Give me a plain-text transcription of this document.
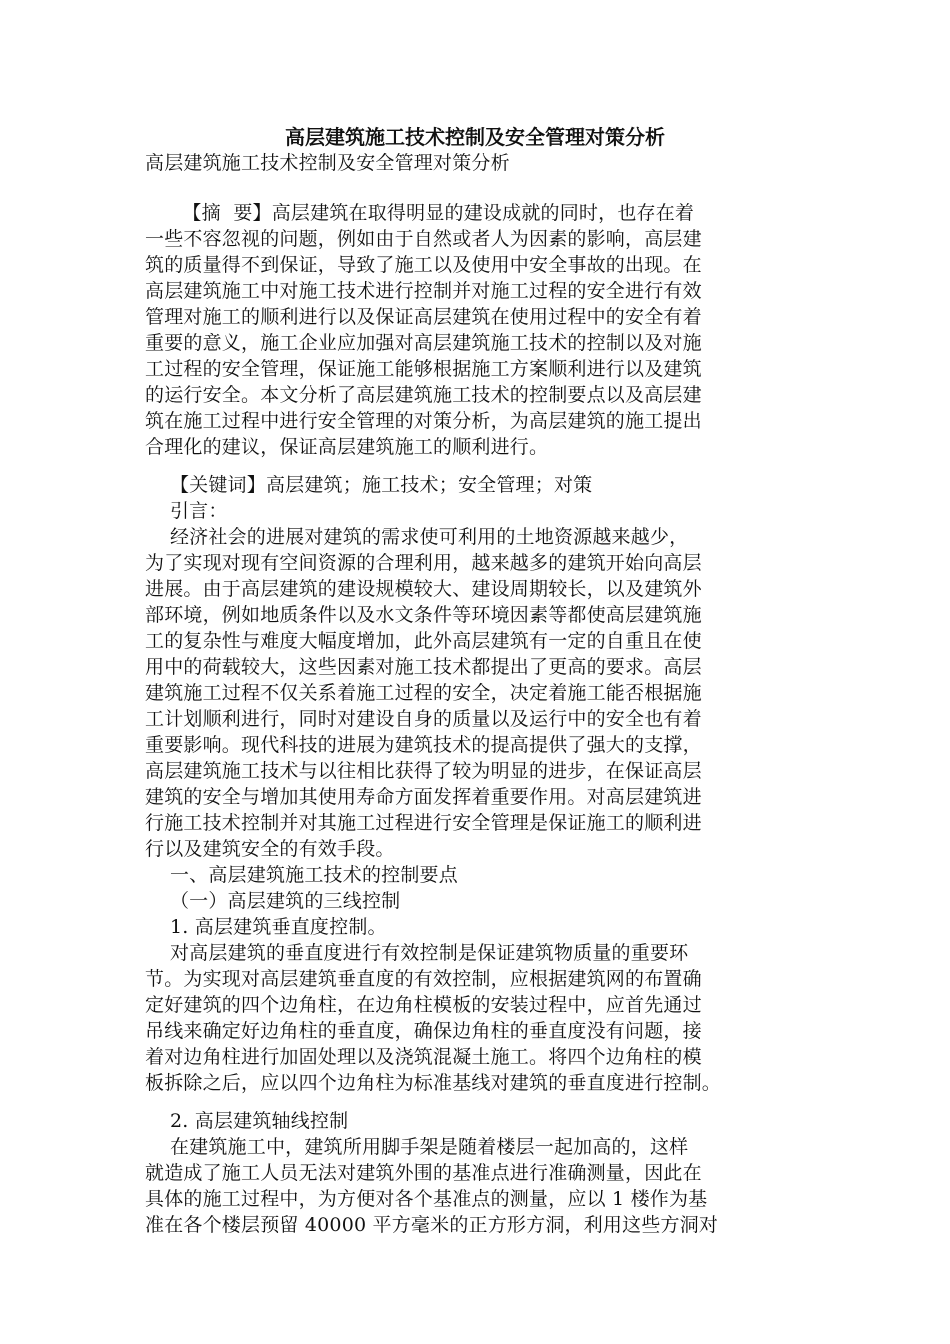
高层建筑施工技术控制及安全管理对策分析
高层建筑施工技术控制及安全管理对策分析
【摘  要】高层建筑在取得明显的建设成就的同时，也存在着
一些不容忽视的问题，例如由于自然或者人为因素的影响，高层建
筑的质量得不到保证，导致了施工以及使用中安全事故的出现。在
高层建筑施工中对施工技术进行控制并对施工过程的安全进行有效
管理对施工的顺利进行以及保证高层建筑在使用过程中的安全有着
重要的意义，施工企业应加强对高层建筑施工技术的控制以及对施
工过程的安全管理，保证施工能够根据施工方案顺利进行以及建筑
的运行安全。本文分析了高层建筑施工技术的控制要点以及高层建
筑在施工过程中进行安全管理的对策分析，为高层建筑的施工提出
合理化的建议，保证高层建筑施工的顺利进行。
【关键词】高层建筑；施工技术；安全管理；对策
引言：
经济社会的进展对建筑的需求使可利用的土地资源越来越少，
为了实现对现有空间资源的合理利用，越来越多的建筑开始向高层
进展。由于高层建筑的建设规模较大、建设周期较长，以及建筑外
部环境，例如地质条件以及水文条件等环境因素等都使高层建筑施
工的复杂性与难度大幅度增加，此外高层建筑有一定的自重且在使
用中的荷载较大，这些因素对施工技术都提出了更高的要求。高层
建筑施工过程不仅关系着施工过程的安全，决定着施工能否根据施
工计划顺利进行，同时对建设自身的质量以及运行中的安全也有着
重要影响。现代科技的进展为建筑技术的提高提供了强大的支撑，
高层建筑施工技术与以往相比获得了较为明显的进步，在保证高层
建筑的安全与增加其使用寿命方面发挥着重要作用。对高层建筑进
行施工技术控制并对其施工过程进行安全管理是保证施工的顺利进
行以及建筑安全的有效手段。
一、高层建筑施工技术的控制要点
（一）高层建筑的三线控制
1. 高层建筑垂直度控制。
对高层建筑的垂直度进行有效控制是保证建筑物质量的重要环
节。为实现对高层建筑垂直度的有效控制，应根据建筑网的布置确
定好建筑的四个边角柱，在边角柱模板的安装过程中，应首先通过
吊线来确定好边角柱的垂直度，确保边角柱的垂直度没有问题，接
着对边角柱进行加固处理以及浇筑混凝土施工。将四个边角柱的模
板拆除之后，应以四个边角柱为标准基线对建筑的垂直度进行控制。
2. 高层建筑轴线控制
在建筑施工中，建筑所用脚手架是随着楼层一起加高的，这样
就造成了施工人员无法对建筑外围的基准点进行准确测量，因此在
具体的施工过程中，为方便对各个基准点的测量，应以 1 楼作为基
准在各个楼层预留 40000 平方毫米的正方形方洞，利用这些方洞对
